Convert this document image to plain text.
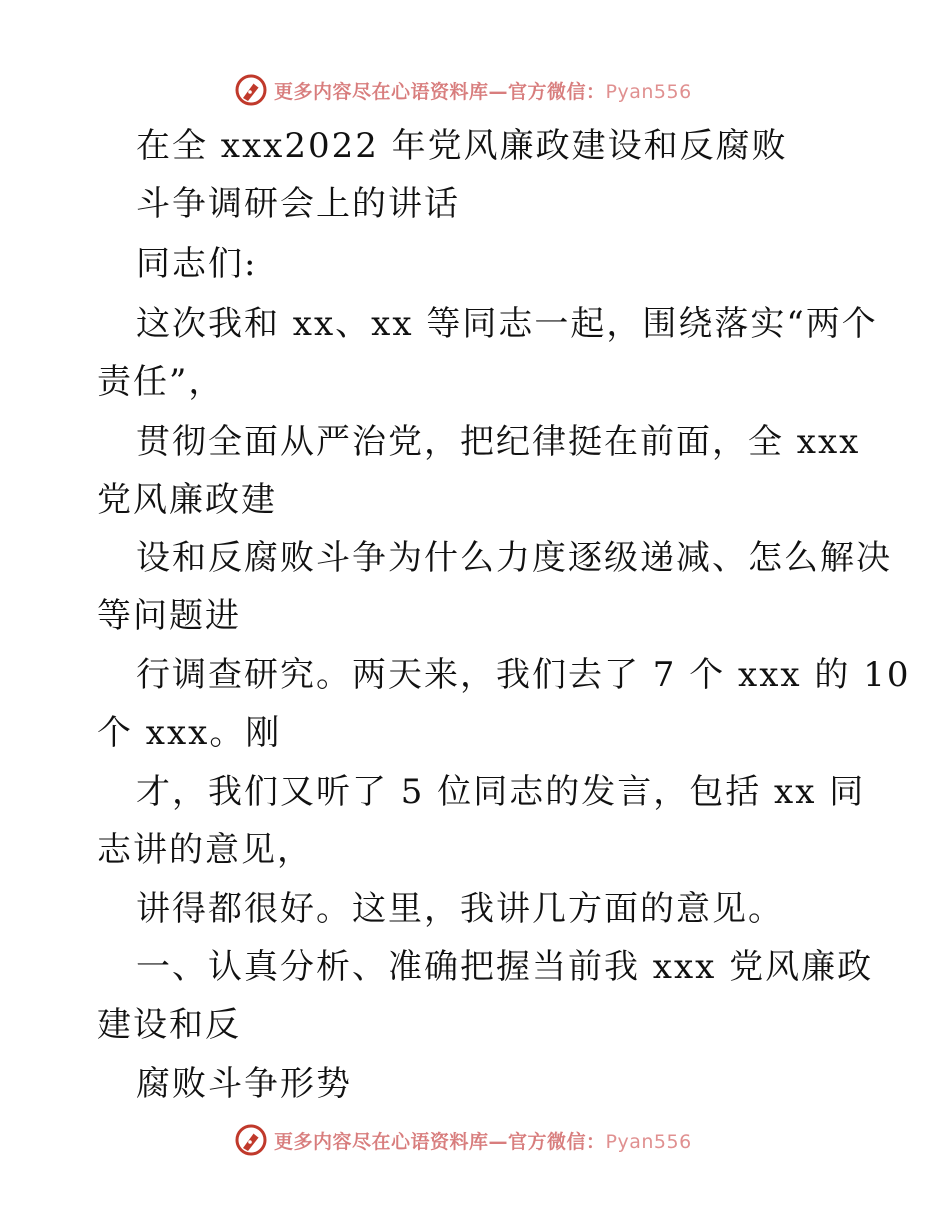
更多内容尽在心语资料库—官方微信：Pyan556
在全 xxx2022 年党风廉政建设和反腐败
斗争调研会上的讲话
同志们:
这次我和 xx、xx 等同志一起，围绕落实“两个
责任”，
贯彻全面从严治党，把纪律挺在前面，全 xxx
党风廉政建
设和反腐败斗争为什么力度逐级递减、怎么解决
等问题进
行调查研究。两天来，我们去了 7 个 xxx 的 10
个 xxx。刚
才，我们又听了 5 位同志的发言，包括 xx 同
志讲的意见，
讲得都很好。这里，我讲几方面的意见。
一、认真分析、准确把握当前我 xxx 党风廉政
建设和反
腐败斗争形势
更多内容尽在心语资料库—官方微信：Pyan556
